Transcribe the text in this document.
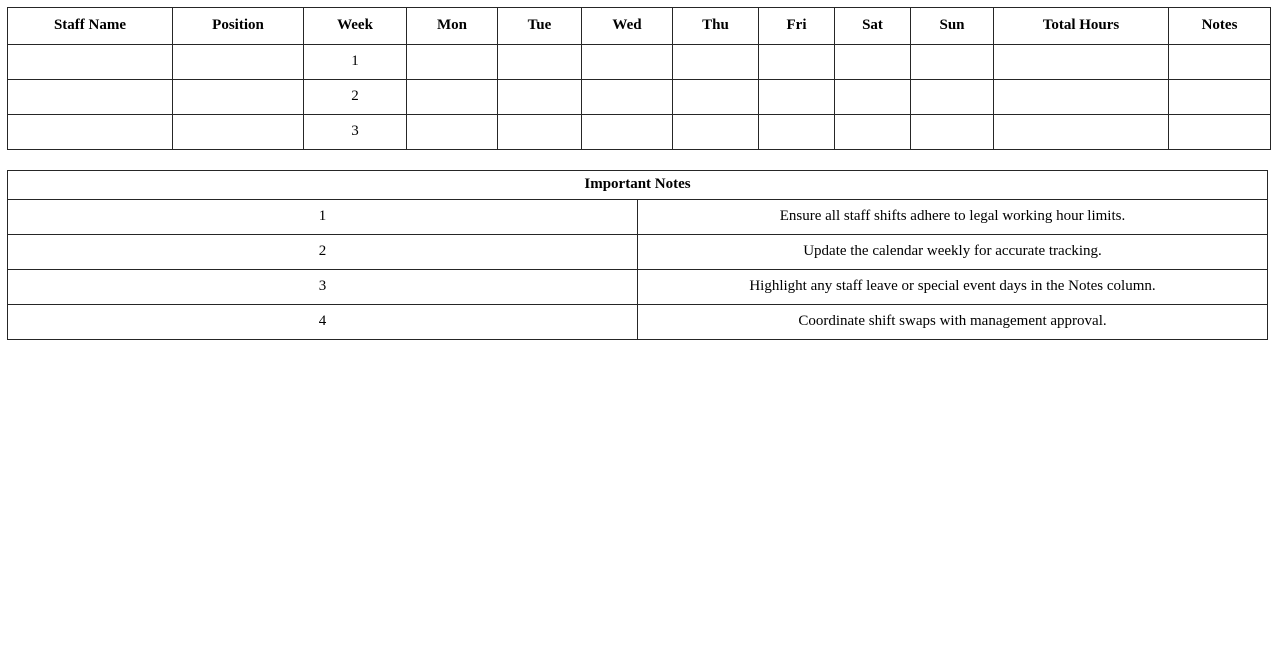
Staff Name	Position	Week	Mon	Tue	Wed	Thu	Fri	Sat	Sun	Total Hours	Notes
		1									
		2									
		3									
Important Notes	
1	Ensure all staff shifts adhere to legal working hour limits.
2	Update the calendar weekly for accurate tracking.
3	Highlight any staff leave or special event days in the Notes column.
4	Coordinate shift swaps with management approval.
